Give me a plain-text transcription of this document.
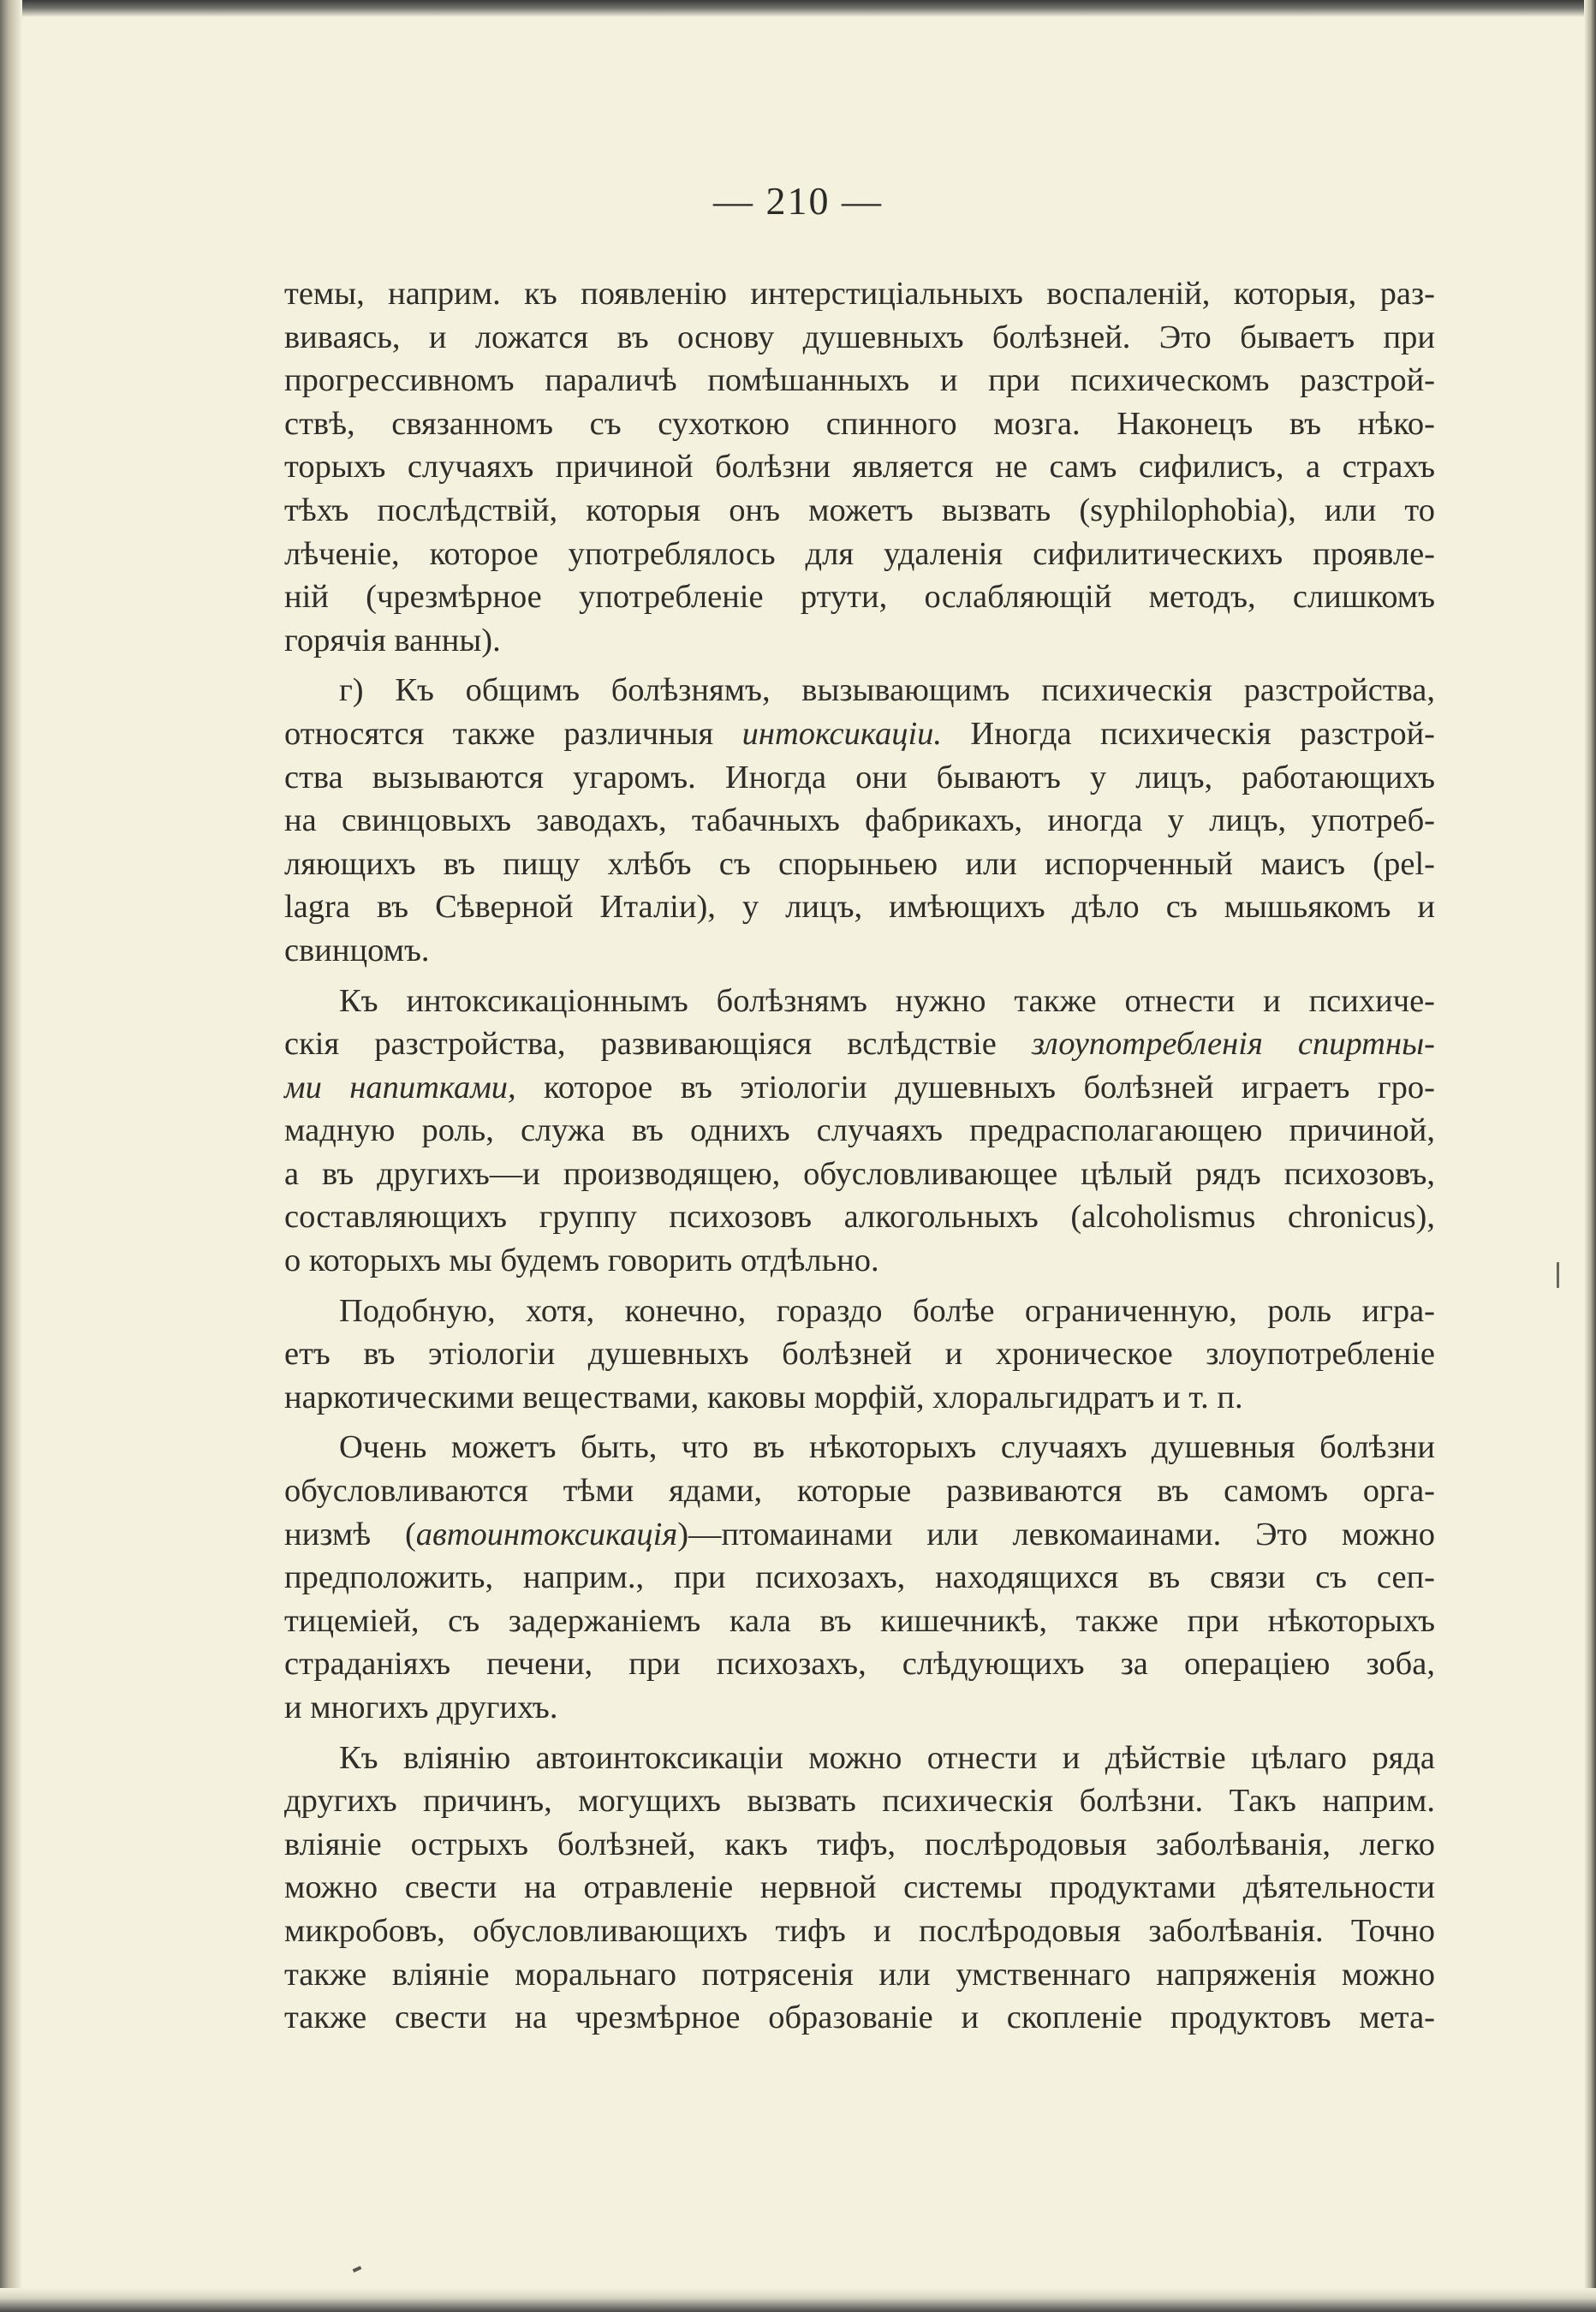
— 210 —
темы, наприм. къ появленію интерстиціальныхъ воспаленій, которыя, раз-
виваясь, и ложатся въ основу душевныхъ болѣзней. Это бываетъ при
прогрессивномъ параличѣ помѣшанныхъ и при психическомъ разстрой-
ствѣ, связанномъ съ сухоткою спинного мозга. Наконецъ въ нѣко-
торыхъ случаяхъ причиной болѣзни является не самъ сифилисъ, а страхъ
тѣхъ послѣдствій, которыя онъ можетъ вызвать (syphilophobia), или то
лѣченіе, которое употреблялось для удаленія сифилитическихъ проявле-
ній (чрезмѣрное употребленіе ртути, ослабляющій методъ, слишкомъ
горячія ванны).
г) Къ общимъ болѣзнямъ, вызывающимъ психическія разстройства,
относятся также различныя интоксикаціи. Иногда психическія разстрой-
ства вызываются угаромъ. Иногда они бываютъ у лицъ, работающихъ
на свинцовыхъ заводахъ, табачныхъ фабрикахъ, иногда у лицъ, употреб-
ляющихъ въ пищу хлѣбъ съ спорыньею или испорченный маисъ (pel-
lagra въ Сѣверной Италіи), у лицъ, имѣющихъ дѣло съ мышьякомъ и
свинцомъ.
Къ интоксикаціоннымъ болѣзнямъ нужно также отнести и психиче-
скія разстройства, развивающіяся вслѣдствіе злоупотребленія спиртны-
ми напитками, которое въ этіологіи душевныхъ болѣзней играетъ гро-
мадную роль, служа въ однихъ случаяхъ предрасполагающею причиной,
а въ другихъ—и производящею, обусловливающее цѣлый рядъ психозовъ,
составляющихъ группу психозовъ алкогольныхъ (alcoholismus chronicus),
о которыхъ мы будемъ говорить отдѣльно.
Подобную, хотя, конечно, гораздо болѣе ограниченную, роль игра-
етъ въ этіологіи душевныхъ болѣзней и хроническое злоупотребленіе
наркотическими веществами, каковы морфій, хлоральгидратъ и т. п.
Очень можетъ быть, что въ нѣкоторыхъ случаяхъ душевныя болѣзни
обусловливаются тѣми ядами, которые развиваются въ самомъ орга-
низмѣ (автоинтоксикація)—птомаинами или левкомаинами. Это можно
предположить, наприм., при психозахъ, находящихся въ связи съ сеп-
тицеміей, съ задержаніемъ кала въ кишечникѣ, также при нѣкоторыхъ
страданіяхъ печени, при психозахъ, слѣдующихъ за операціею зоба,
и многихъ другихъ.
Къ вліянію автоинтоксикаціи можно отнести и дѣйствіе цѣлаго ряда
другихъ причинъ, могущихъ вызвать психическія болѣзни. Такъ наприм.
вліяніе острыхъ болѣзней, какъ тифъ, послѣродовыя заболѣванія, легко
можно свести на отравленіе нервной системы продуктами дѣятельности
микробовъ, обусловливающихъ тифъ и послѣродовыя заболѣванія. Точно
также вліяніе моральнаго потрясенія или умственнаго напряженія можно
также свести на чрезмѣрное образованіе и скопленіе продуктовъ мета-
